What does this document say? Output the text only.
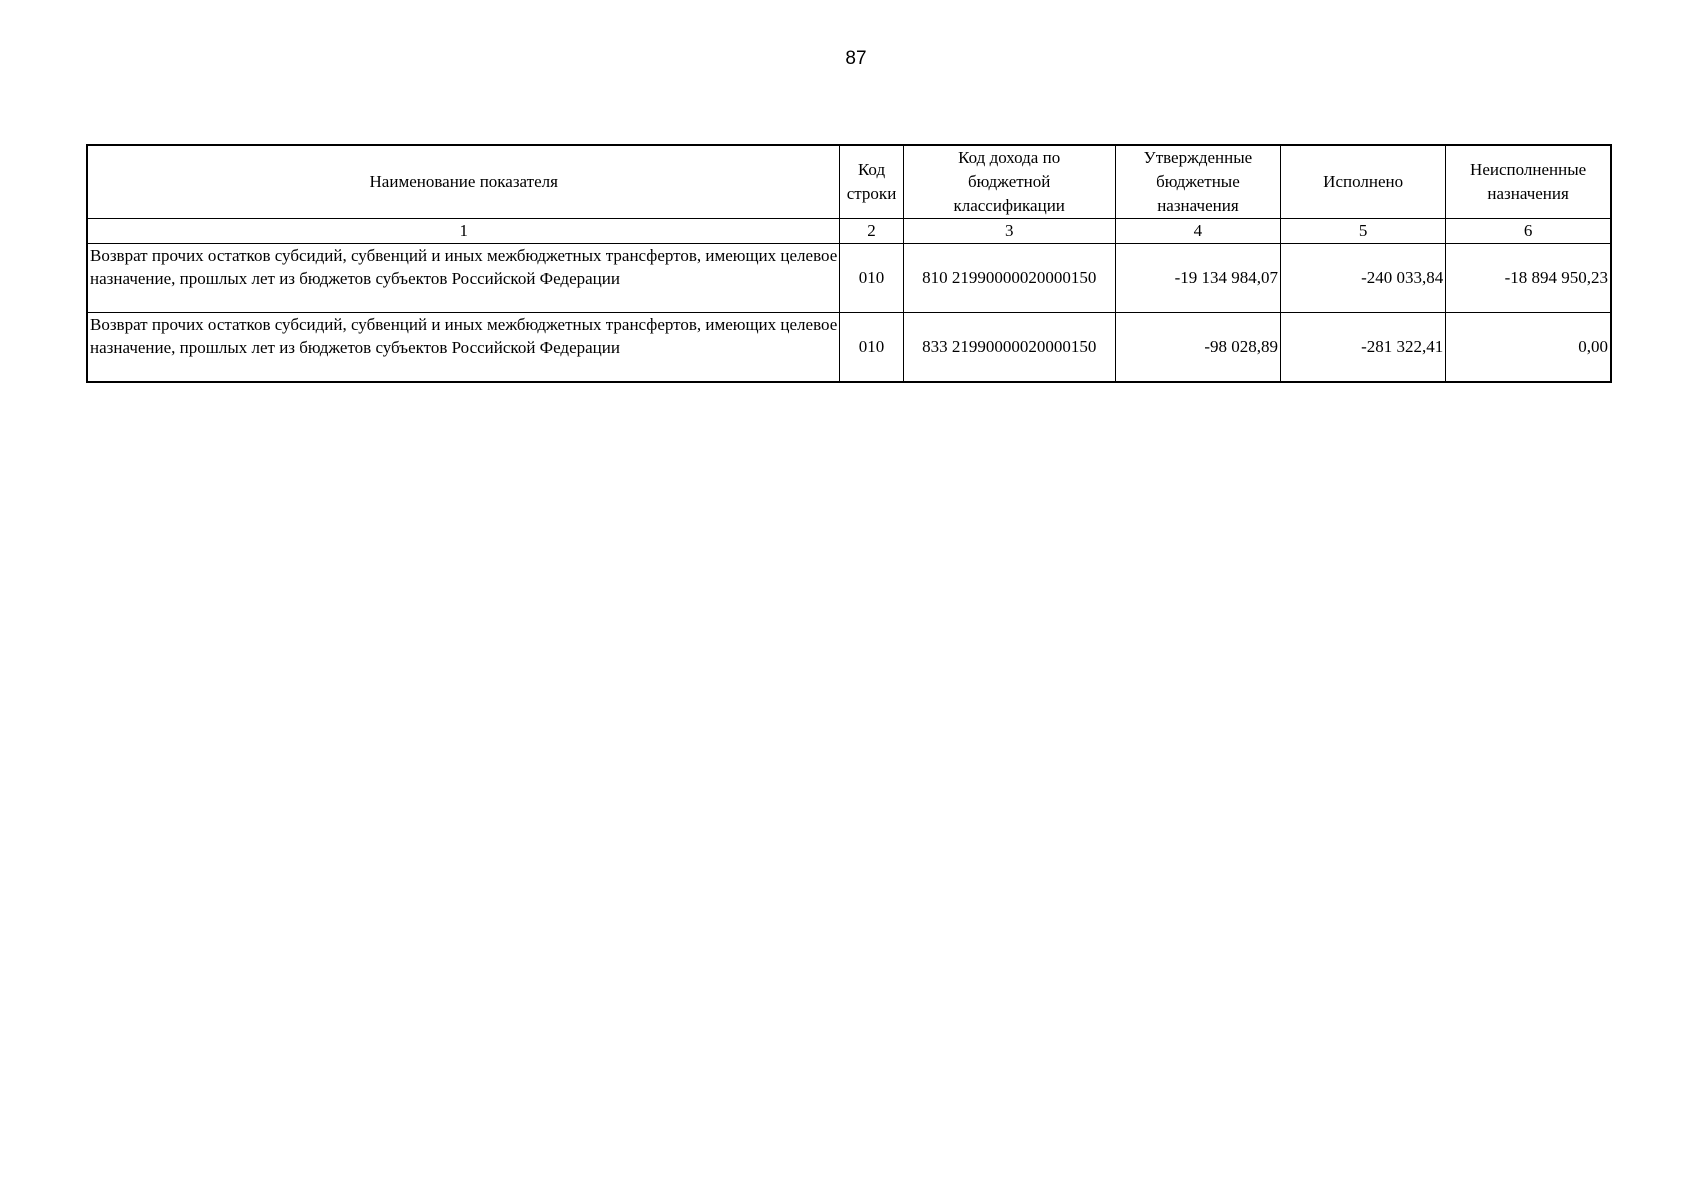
87
Наименование показателя	Код строки	Код дохода по бюджетной классификации	Утвержденные бюджетные назначения	Исполнено	Неисполненные назначения
1	2	3	4	5	6
Возврат прочих остатков субсидий, субвенций и иных межбюджетных трансфертов, имеющих целевое назначение, прошлых лет из бюджетов субъектов Российской Федерации	010	810 21990000020000150	-19 134 984,07	-240 033,84	-18 894 950,23
Возврат прочих остатков субсидий, субвенций и иных межбюджетных трансфертов, имеющих целевое назначение, прошлых лет из бюджетов субъектов Российской Федерации	010	833 21990000020000150	-98 028,89	-281 322,41	0,00
